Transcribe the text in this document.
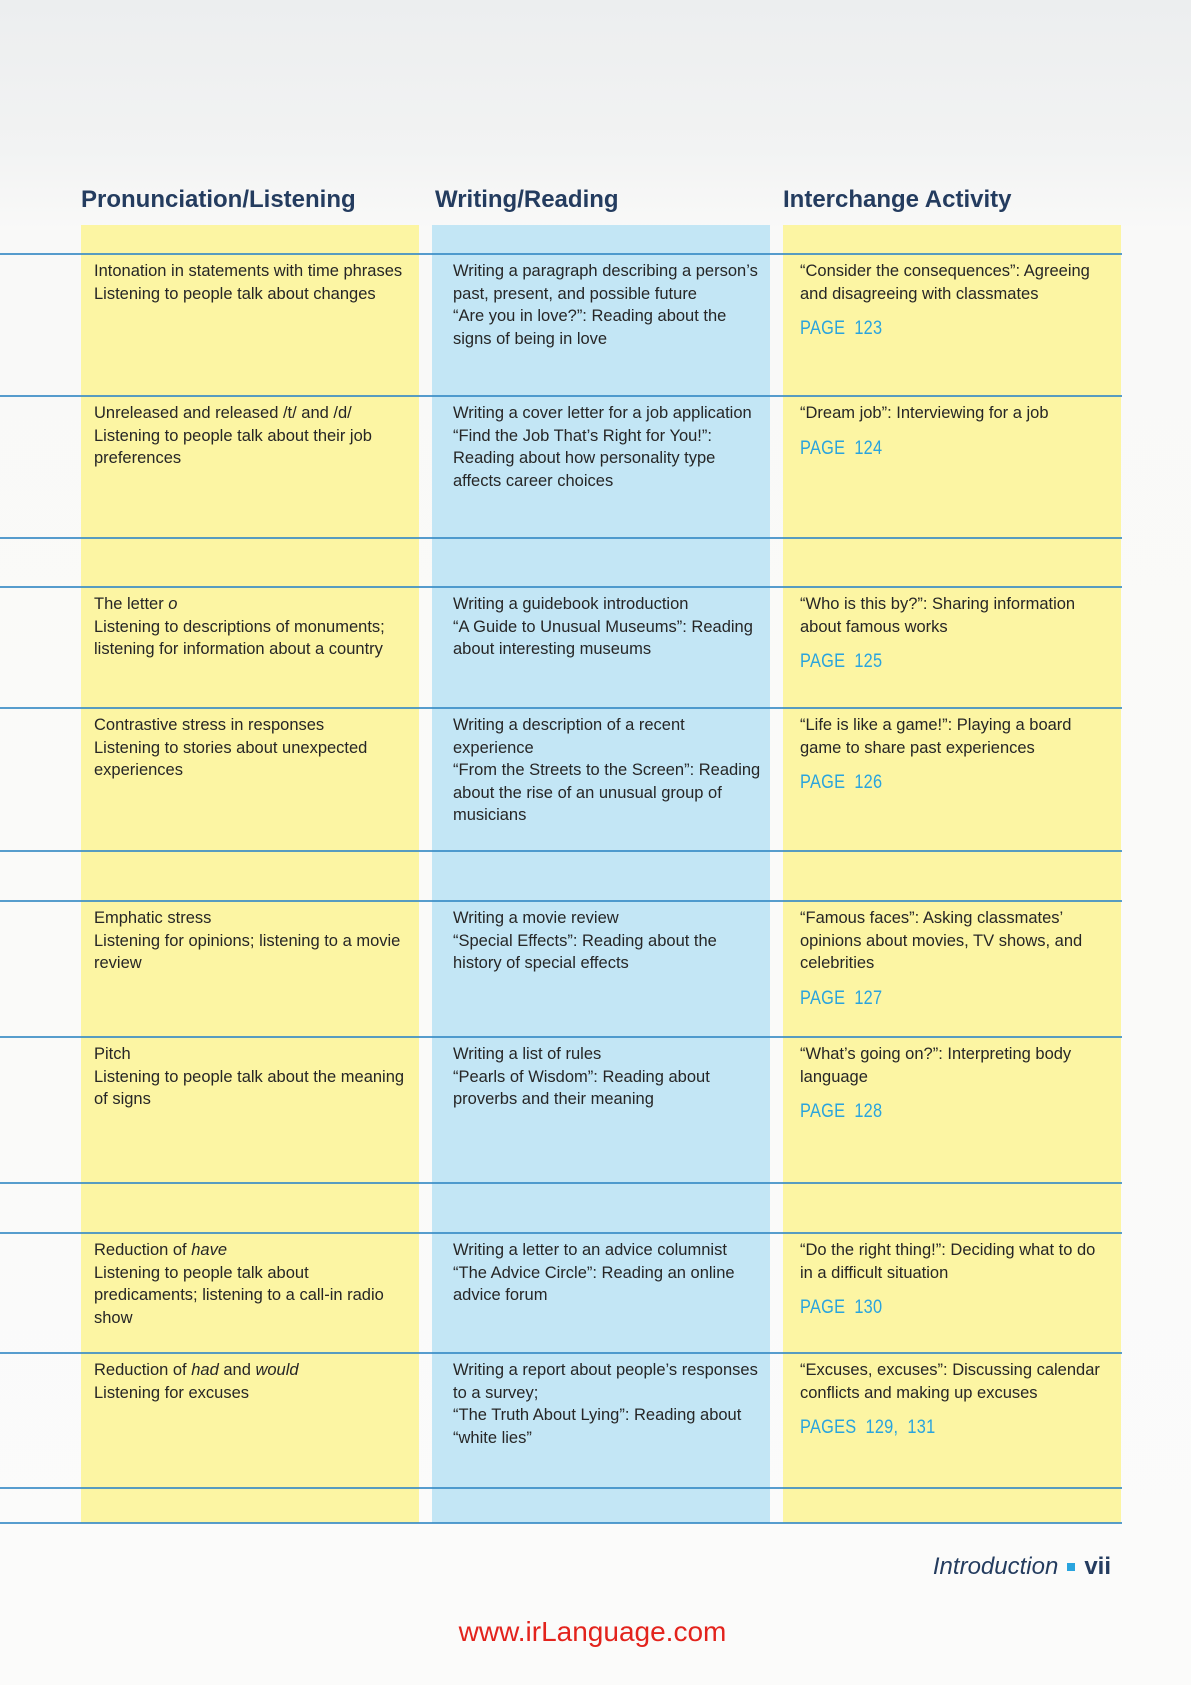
Pronunciation/Listening	Writing/Reading	Interchange Activity
Intonation in statements with time phrases
Listening to people talk about changes
Writing a paragraph describing a person’s past, present, and possible future
“Are you in love?”: Reading about the signs of being in love
“Consider the consequences”: Agreeing and disagreeing with classmates
PAGE 123
Unreleased and released /t/ and /d/
Listening to people talk about their job preferences
Writing a cover letter for a job application
“Find the Job That’s Right for You!”: Reading about how personality type affects career choices
“Dream job”: Interviewing for a job
PAGE 124
The letter o
Listening to descriptions of monuments; listening for information about a country
Writing a guidebook introduction
“A Guide to Unusual Museums”: Reading about interesting museums
“Who is this by?”: Sharing information about famous works
PAGE 125
Contrastive stress in responses
Listening to stories about unexpected experiences
Writing a description of a recent experience
“From the Streets to the Screen”: Reading about the rise of an unusual group of musicians
“Life is like a game!”: Playing a board game to share past experiences
PAGE 126
Emphatic stress
Listening for opinions; listening to a movie review
Writing a movie review
“Special Effects”: Reading about the history of special effects
“Famous faces”: Asking classmates’ opinions about movies, TV shows, and celebrities
PAGE 127
Pitch
Listening to people talk about the meaning of signs
Writing a list of rules
“Pearls of Wisdom”: Reading about proverbs and their meaning
“What’s going on?”: Interpreting body language
PAGE 128
Reduction of have
Listening to people talk about predicaments; listening to a call-in radio show
Writing a letter to an advice columnist
“The Advice Circle”: Reading an online advice forum
“Do the right thing!”: Deciding what to do in a difficult situation
PAGE 130
Reduction of had and would
Listening for excuses
Writing a report about people’s responses to a survey;
“The Truth About Lying”: Reading about “white lies”
“Excuses, excuses”: Discussing calendar conflicts and making up excuses
PAGES 129, 131
Introduction vii
www.irLanguage.com
